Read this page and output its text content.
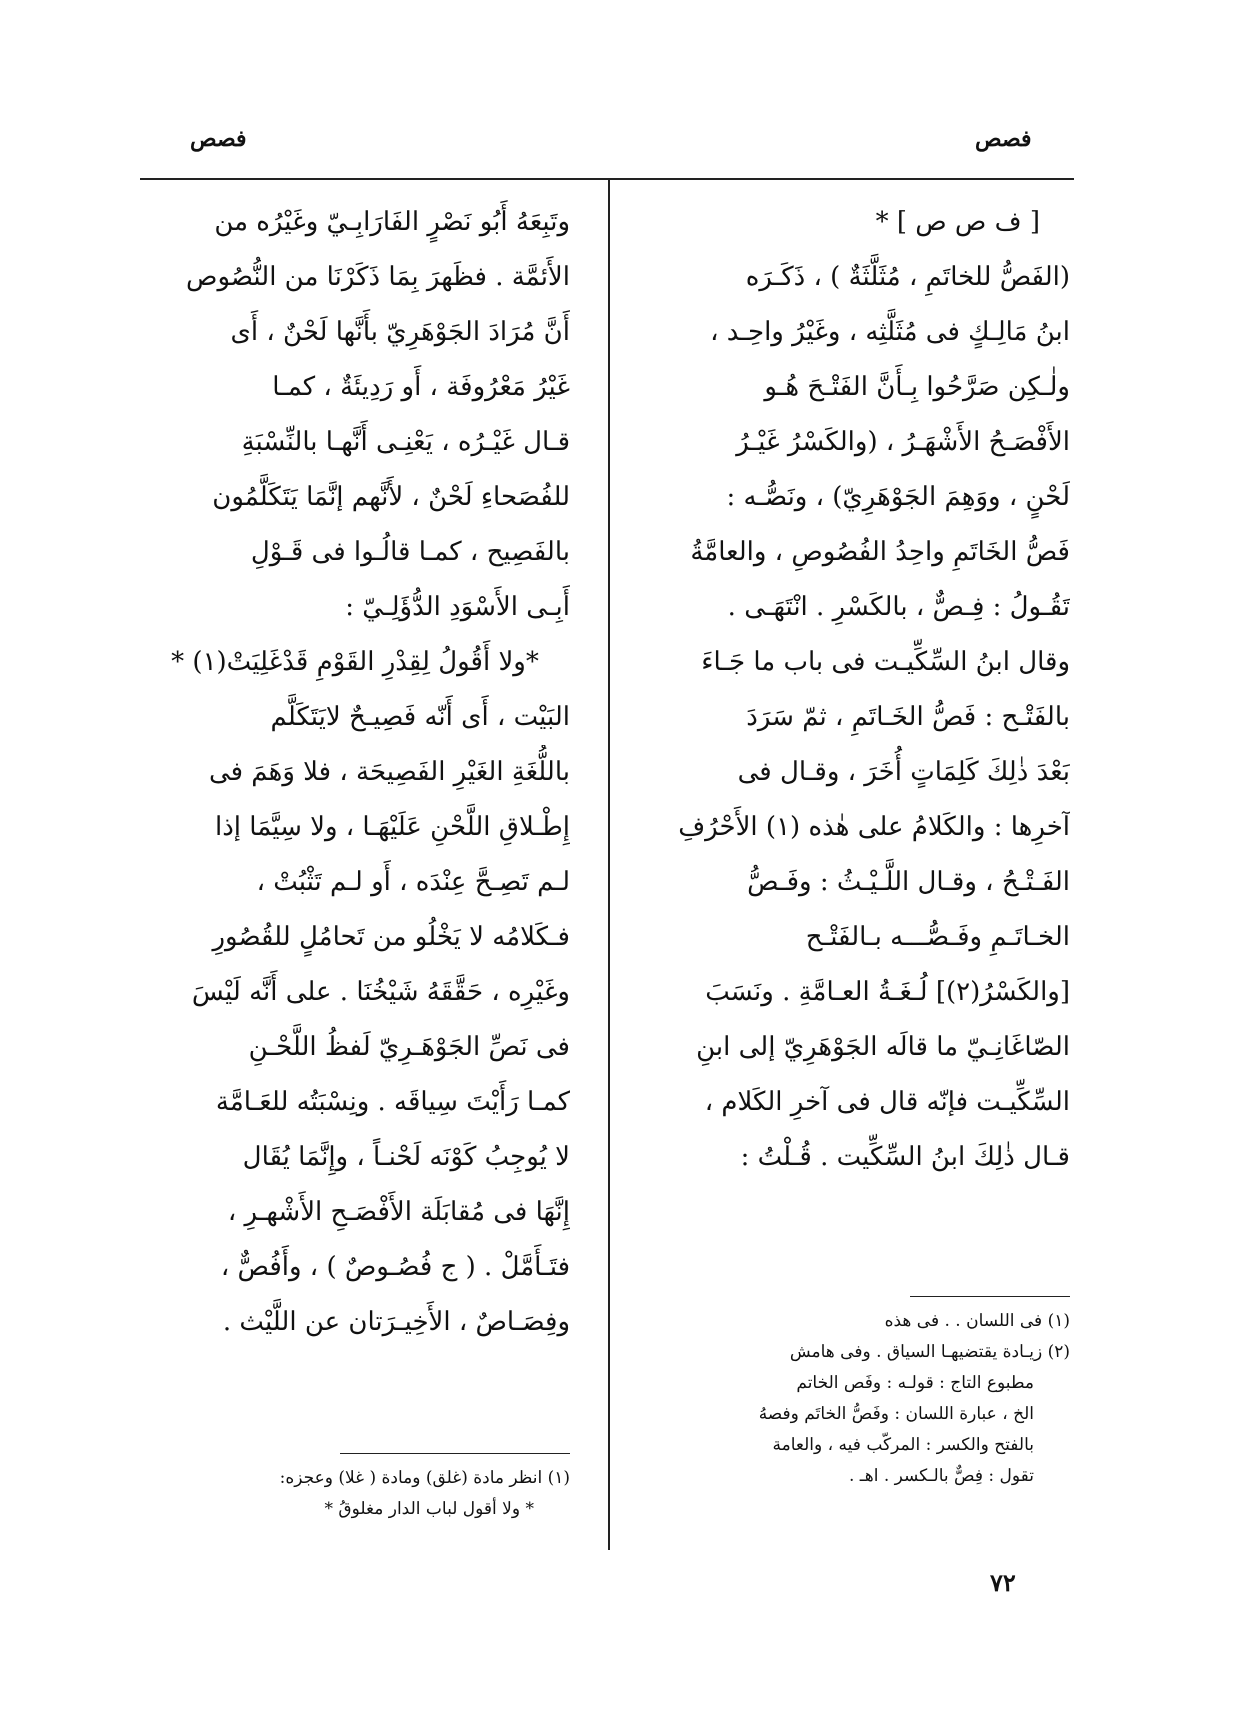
فصص	فصص
[ ف ص ص ] *
(الفَصُّ للخاتَمِ ، مُثَلَّثَةٌ ) ، ذَكَـرَه
ابنُ مَالِـكٍ فى مُثَلَّثِه ، وغَيْرُ واحِـد ،
ولٰـكِن صَرَّحُوا بِـأَنَّ الفَتْـحَ هُـو
الأَفْصَـحُ الأَشْهَـرُ ، (والكَسْرُ غَيْـرُ
لَحْنٍ ، ووَهِمَ الجَوْهَرِيّ) ، ونَصُّـه :
فَصُّ الخَاتَمِ واحِدُ الفُصُوصِ ، والعامَّةُ
تَقُـولُ : فِـصٌّ ، بالكَسْرِ . انْتَهَـى .
وقال ابنُ السِّكِّيـت فى باب ما جَـاءَ
بالفَتْـح : فَصُّ الخَـاتَمِ ، ثمّ سَرَدَ
بَعْدَ ذٰلِكَ كَلِمَاتٍ أُخَرَ ، وقـال فى
آخرِها : والكَلامُ على هٰذه (١) الأَحْرُفِ
الفَـتْـحُ ، وقـال اللَّـيْـثُ : وفَـصُّ
الخـاتَـمِ وفَـصُّـــه بـالفَتْـح
[والكَسْرُ(٢)] لُـغَـةُ العـامَّةِ . ونَسَبَ
الصّاغَانِـيّ ما قالَه الجَوْهَرِيّ إلى ابنِ
السِّكِّيـت فإنّه قال فى آخرِ الكَلام ،
قـال ذٰلِكَ ابنُ السِّكِّيت . قُـلْتُ :
وتَبِعَهُ أَبُو نَصْرٍ الفَارَابِـيّ وغَيْرُه من
الأَئمَّة . فظَهرَ بِمَا ذَكَرْنَا من النُّصُوص
أَنَّ مُرَادَ الجَوْهَرِيّ بأَنَّها لَحْنٌ ، أَى
غَيْرُ مَعْرُوفَة ، أَو رَدِيئَةٌ ، كمـا
قـال غَيْـرُه ، يَعْنِـى أَنَّهـا بالنِّسْبَةِ
للفُصَحاءِ لَحْنٌ ، لأَنَّهم إنَّمَا يَتَكَلَّمُون
بالفَصِيح ، كمـا قالُـوا فى قَـوْلِ
أَبِـى الأَسْوَدِ الدُّؤَلِـيّ :
*ولا أَقُولُ لِقِدْرِ القَوْمِ قَدْغَلِيَتْ(١) *
البَيْت ، أَى أَنّه فَصِيـحٌ لايَتَكَلَّم
باللُّغَةِ الغَيْرِ الفَصِيحَة ، فلا وَهَمَ فى
إِطْـلاقِ اللَّحْنِ عَلَيْهَـا ، ولا سِيَّمَا إذا
لـم تَصِـحَّ عِنْدَه ، أَو لـم تَثْبُتْ ،
فـكَلامُه لا يَخْلُو من تَحامُلٍ للقُصُورِ
وغَيْرِه ، حَقَّقَهُ شَيْخُنَا . على أَنَّه لَيْسَ
فى نَصِّ الجَوْهَـرِيّ لَفظُ اللَّحْـنِ
كمـا رَأَيْتَ سِياقَه . ونِسْبَتُه للعَـامَّة
لا يُوجِبُ كَوْنَه لَحْنـاً ، وإِنَّمَا يُقَال
إِنَّهَا فى مُقابَلَة الأَفْصَـحِ الأَشْهـرِ ،
فتَـأَمَّلْ . ( ج فُصُـوصٌ ) ، وأَفُصٌّ ،
وفِصَـاصٌ ، الأَخِيـرَتان عن اللَّيْث .	(١) فى اللسان . . فى هذه
(٢) زيـادة يقتضيهـا السياق . وفى هامش
مطبوع التاج : قولـه : وفَص الخاتم
الخ ، عبارة اللسان : وفَصُّ الخاتَم وفصهُ
بالفتح والكسر : المركّب فيه ، والعامة
تقول : فِصٌّ بالـكسر . اهـ .
(١) انظر مادة (غلق) ومادة ( غلا) وعجزه:
* ولا أقول لباب الدار مغلوقُ *
٧٢
